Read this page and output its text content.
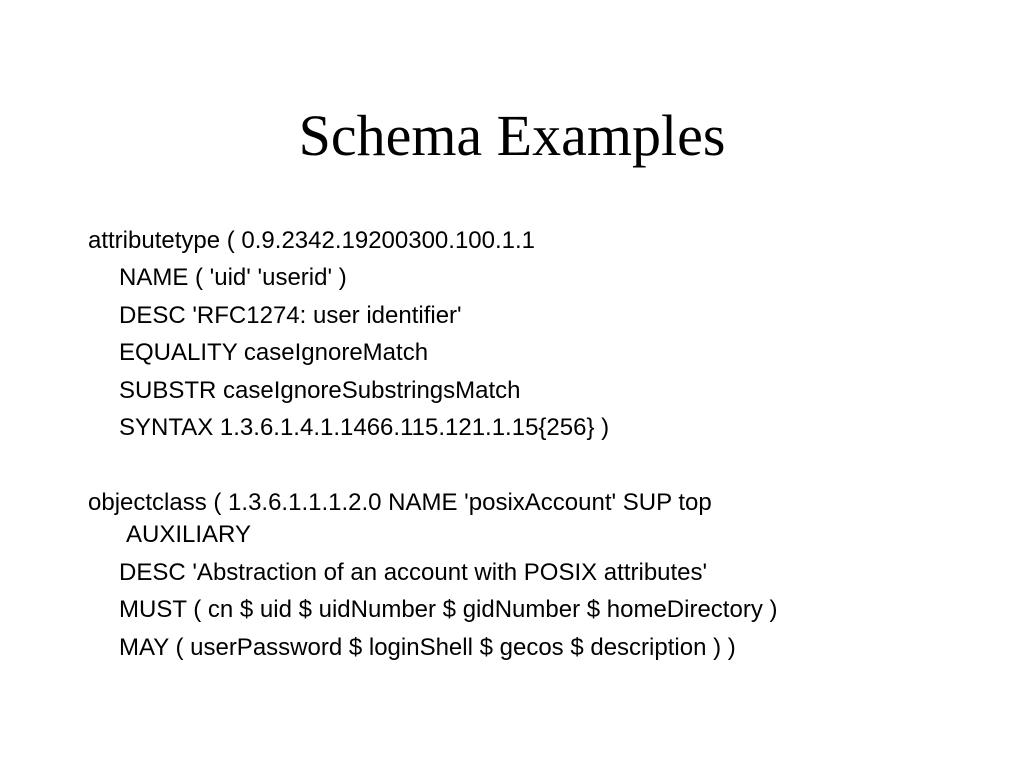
Schema Examples
attributetype ( 0.9.2342.19200300.100.1.1
NAME ( 'uid' 'userid' )
DESC 'RFC1274: user identifier'
EQUALITY caseIgnoreMatch
SUBSTR caseIgnoreSubstringsMatch
SYNTAX 1.3.6.1.4.1.1466.115.121.1.15{256} )
objectclass ( 1.3.6.1.1.1.2.0 NAME 'posixAccount' SUP top
AUXILIARY
DESC 'Abstraction of an account with POSIX attributes'
MUST ( cn $ uid $ uidNumber $ gidNumber $ homeDirectory )
MAY ( userPassword $ loginShell $ gecos $ description ) )
